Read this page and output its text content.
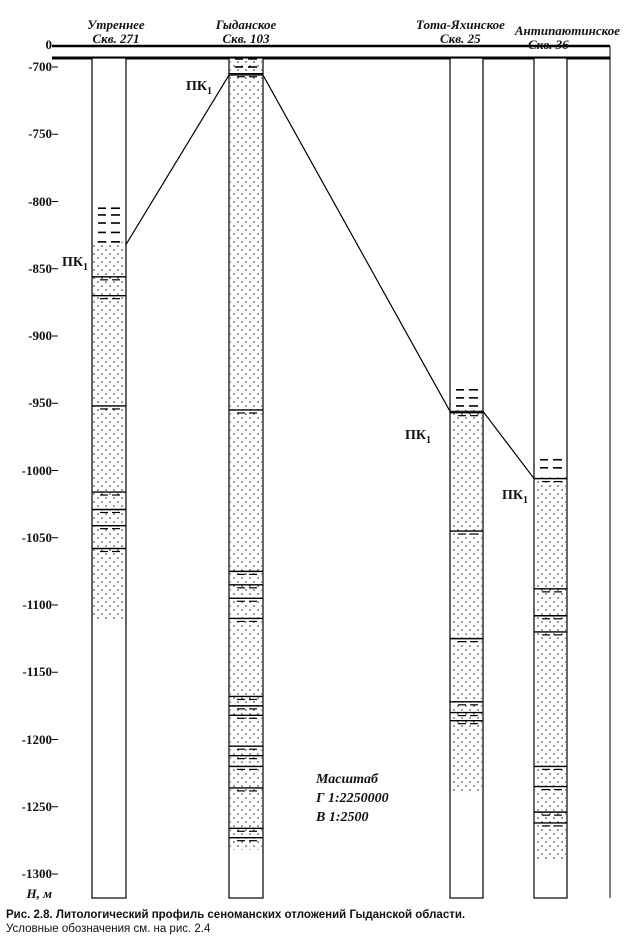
Утреннее
Скв. 271
Гыданское
Скв. 103
Тота-Яхинское
Скв. 25
Антипаютинское
Скв. 36
0
-700
-750
-800
-850
-900
-950
-1000
-1050
-1100
-1150
-1200
-1250
-1300
Н, м
$ПК_1$
$ПК_1$
$ПК_1$
$ПК_1$
Масштаб
Г 1:2250000
В 1:2500
Рис. 2.8. Литологический профиль сеноманских отложений Гыданской области.
Условные обозначения см. на рис. 2.4
